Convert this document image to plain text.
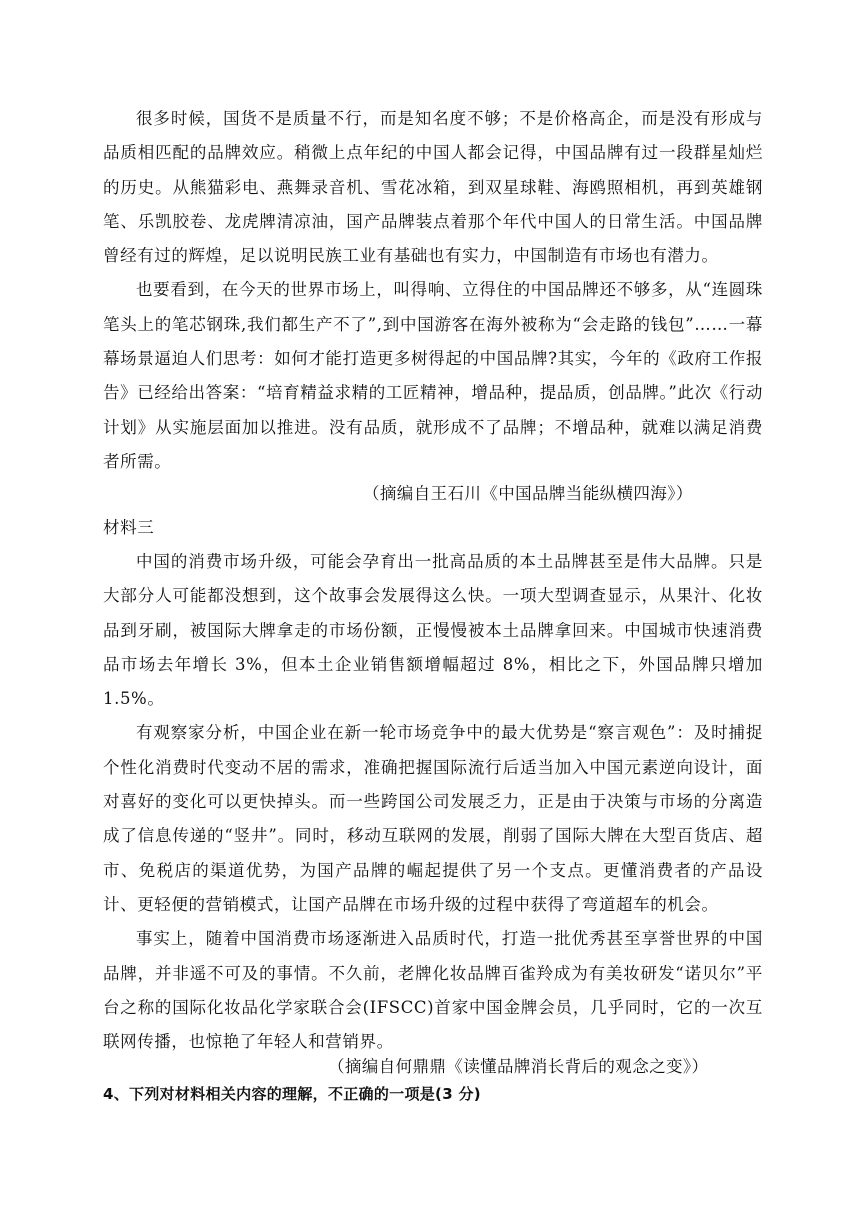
很多时候，国货不是质量不行，而是知名度不够；不是价格高企，而是没有形成与品质相匹配的品牌效应。稍微上点年纪的中国人都会记得，中国品牌有过一段群星灿烂的历史。从熊猫彩电、燕舞录音机、雪花冰箱，到双星球鞋、海鸥照相机，再到英雄钢笔、乐凯胶卷、龙虎牌清凉油，国产品牌装点着那个年代中国人的日常生活。中国品牌曾经有过的辉煌，足以说明民族工业有基础也有实力，中国制造有市场也有潜力。

也要看到，在今天的世界市场上，叫得响、立得住的中国品牌还不够多，从“连圆珠笔头上的笔芯钢珠,我们都生产不了”,到中国游客在海外被称为“会走路的钱包”……一幕幕场景逼迫人们思考：如何才能打造更多树得起的中国品牌?其实，今年的《政府工作报告》已经给出答案：“培育精益求精的工匠精神，增品种，提品质，创品牌。”此次《行动计划》从实施层面加以推进。没有品质，就形成不了品牌；不增品种，就难以满足消费者所需。

（摘编自王石川《中国品牌当能纵横四海》）
材料三

中国的消费市场升级，可能会孕育出一批高品质的本土品牌甚至是伟大品牌。只是大部分人可能都没想到，这个故事会发展得这么快。一项大型调查显示，从果汁、化妆品到牙刷，被国际大牌拿走的市场份额，正慢慢被本土品牌拿回来。中国城市快速消费品市场去年增长 3%，但本土企业销售额增幅超过 8%，相比之下，外国品牌只增加 1.5%。

有观察家分析，中国企业在新一轮市场竞争中的最大优势是“察言观色”：及时捕捉个性化消费时代变动不居的需求，准确把握国际流行后适当加入中国元素逆向设计，面对喜好的变化可以更快掉头。而一些跨国公司发展乏力，正是由于决策与市场的分离造成了信息传递的“竖井”。同时，移动互联网的发展，削弱了国际大牌在大型百货店、超市、免税店的渠道优势，为国产品牌的崛起提供了另一个支点。更懂消费者的产品设计、更轻便的营销模式，让国产品牌在市场升级的过程中获得了弯道超车的机会。

事实上，随着中国消费市场逐渐进入品质时代，打造一批优秀甚至享誉世界的中国品牌，并非遥不可及的事情。不久前，老牌化妆品牌百雀羚成为有美妆研发“诺贝尔”平台之称的国际化妆品化学家联合会(IFSCC)首家中国金牌会员，几乎同时，它的一次互联网传播，也惊艳了年轻人和营销界。

（摘编自何鼎鼎《读懂品牌消长背后的观念之变》）
4、下列对材料相关内容的理解，不正确的一项是(3 分)
